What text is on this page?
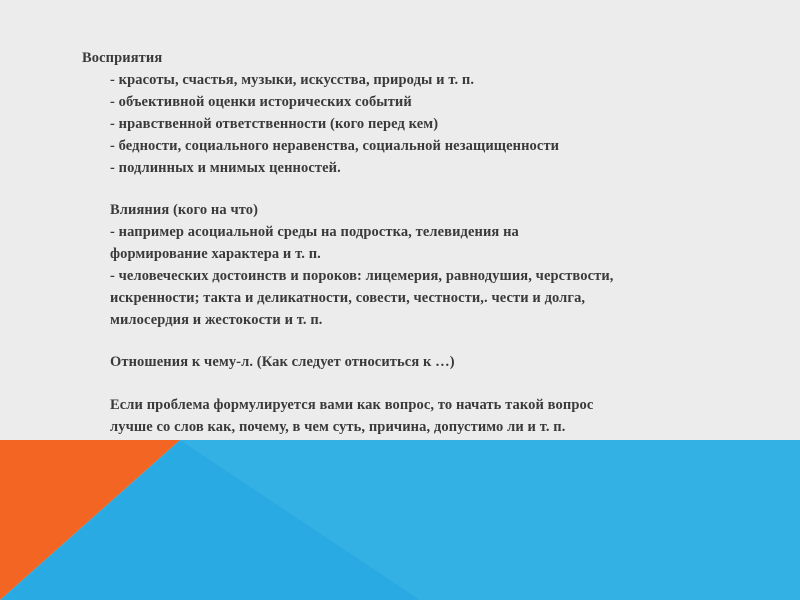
Восприятия
- красоты, счастья, музыки, искусства, природы и т. п.
- объективной оценки исторических событий
- нравственной ответственности (кого перед кем)
- бедности, социального неравенства, социальной незащищенности
- подлинных и мнимых ценностей.
Влияния (кого на что)
- например асоциальной среды на подростка, телевидения на
формирование характера и т. п.
- человеческих достоинств и пороков: лицемерия, равнодушия, черствости,
искренности; такта и деликатности, совести, честности,. чести и долга,
милосердия и жестокости и т. п.
Отношения к чему-л. (Как следует относиться к …)
Если проблема формулируется вами как вопрос, то начать такой вопрос
лучше со слов как, почему, в чем суть, причина, допустимо ли и т. п.
